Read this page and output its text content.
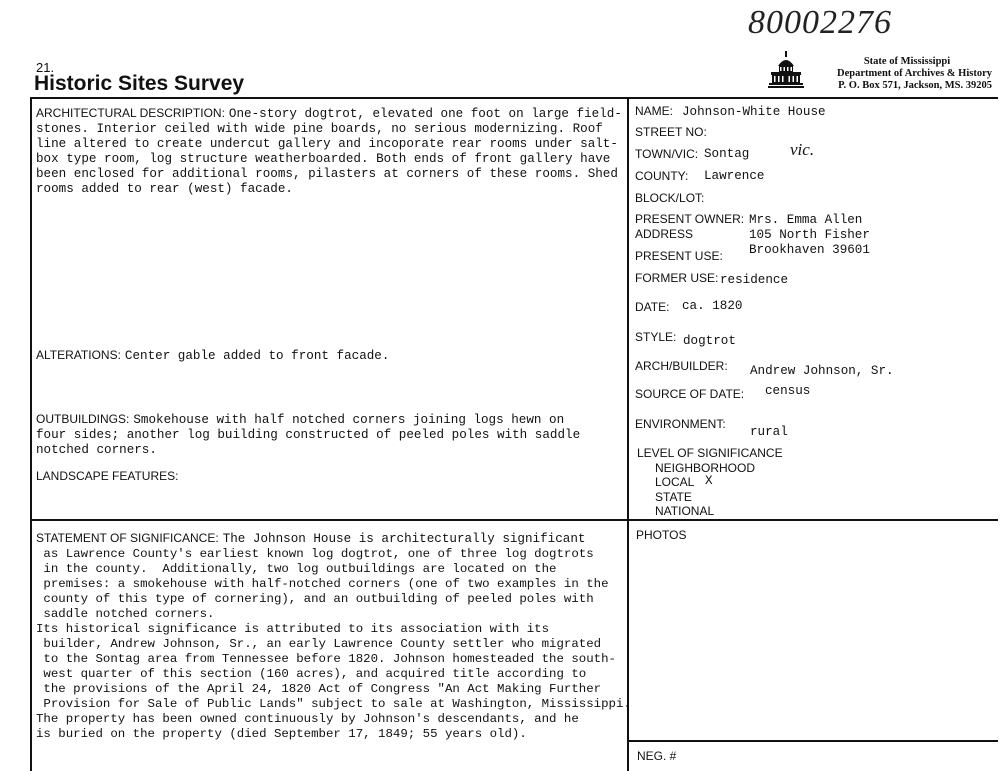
80002276
21.
Historic Sites Survey
State of Mississippi
Department of Archives & History
P. O. Box 571, Jackson, MS. 39205
ARCHITECTURAL DESCRIPTION: One-story dogtrot, elevated one foot on large field-
stones. Interior ceiled with wide pine boards, no serious modernizing. Roof
line altered to create undercut gallery and incoporate rear rooms under salt-
box type room, log structure weatherboarded. Both ends of front gallery have
been enclosed for additional rooms, pilasters at corners of these rooms. Shed
rooms added to rear (west) facade.
ALTERATIONS: Center gable added to front facade.
OUTBUILDINGS: Smokehouse with half notched corners joining logs hewn on
four sides; another log building constructed of peeled poles with saddle
notched corners.
LANDSCAPE FEATURES:
STATEMENT OF SIGNIFICANCE: The Johnson House is architecturally significant
as Lawrence County's earliest known log dogtrot, one of three log dogtrots
in the county.  Additionally, two log outbuildings are located on the
premises: a smokehouse with half-notched corners (one of two examples in the
county of this type of cornering), and an outbuilding of peeled poles with
saddle notched corners.
Its historical significance is attributed to its association with its
builder, Andrew Johnson, Sr., an early Lawrence County settler who migrated
to the Sontag area from Tennessee before 1820. Johnson homesteaded the south-
west quarter of this section (160 acres), and acquired title according to
the provisions of the April 24, 1820 Act of Congress "An Act Making Further
Provision for Sale of Public Lands" subject to sale at Washington, Mississippi.
The property has been owned continuously by Johnson's descendants, and he
is buried on the property (died September 17, 1849; 55 years old).
NAME: Johnson-White House
STREET NO:
TOWN/VIC: Sontag vic.
COUNTY: Lawrence
BLOCK/LOT:
PRESENT OWNER: Mrs. Emma Allen
ADDRESS	105 North Fisher
Brookhaven 39601
PRESENT USE:
FORMER USE: residence
DATE: ca. 1820
STYLE: dogtrot
ARCH/BUILDER: Andrew Johnson, Sr.
SOURCE OF DATE: census
ENVIRONMENT:
rural
LEVEL OF SIGNIFICANCE
NEIGHBORHOOD
LOCAL X
STATE
NATIONAL
PHOTOS
NEG. #
